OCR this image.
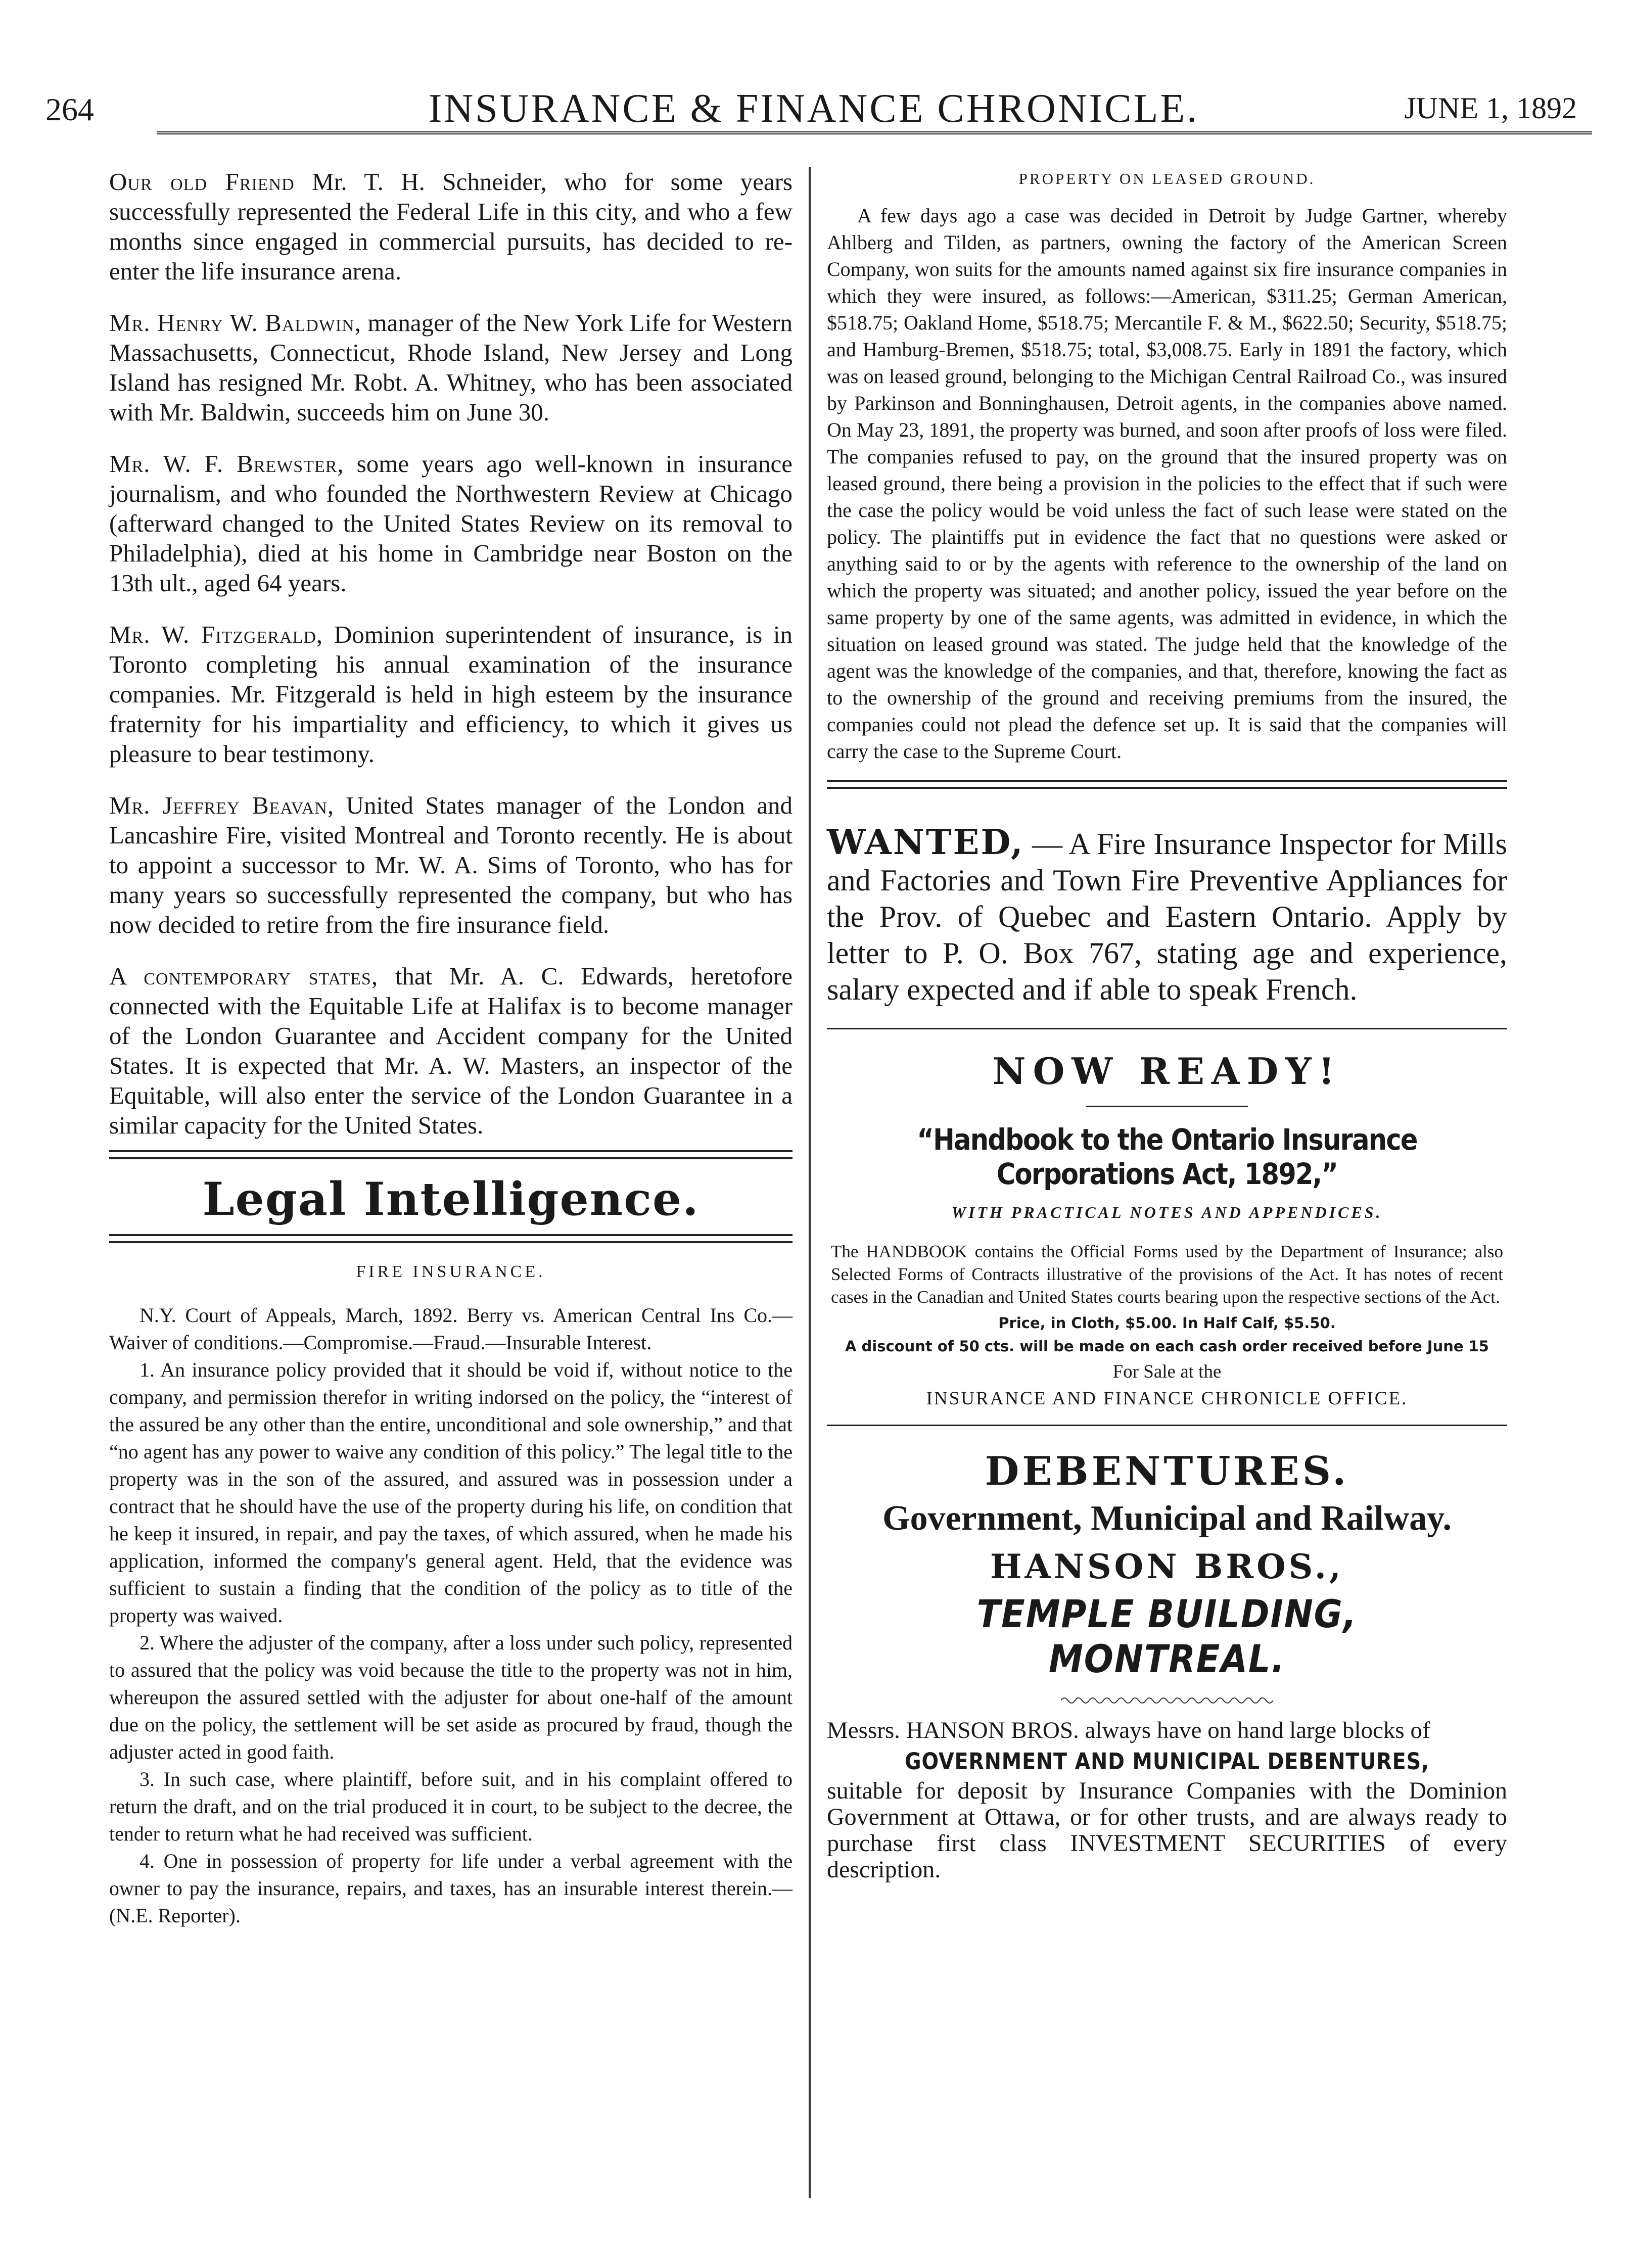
264	INSURANCE & FINANCE CHRONICLE.	JUNE 1, 1892

Our old Friend Mr. T. H. Schneider, who for some years successfully represented the Federal Life in this city, and who a few months since engaged in commercial pursuits, has decided to re-enter the life insurance arena.

Mr. Henry W. Baldwin, manager of the New York Life for Western Massachusetts, Connecticut, Rhode Island, New Jersey and Long Island has resigned Mr. Robt. A. Whitney, who has been associated with Mr. Baldwin, succeeds him on June 30.

Mr. W. F. Brewster, some years ago well-known in insurance journalism, and who founded the Northwestern Review at Chicago (afterward changed to the United States Review on its removal to Philadelphia), died at his home in Cambridge near Boston on the 13th ult., aged 64 years.

Mr. W. Fitzgerald, Dominion superintendent of insurance, is in Toronto completing his annual examination of the insurance companies. Mr. Fitzgerald is held in high esteem by the insurance fraternity for his impartiality and efficiency, to which it gives us pleasure to bear testimony.

Mr. Jeffrey Beavan, United States manager of the London and Lancashire Fire, visited Montreal and Toronto recently. He is about to appoint a successor to Mr. W. A. Sims of Toronto, who has for many years so successfully represented the company, but who has now decided to retire from the fire insurance field.

A contemporary states, that Mr. A. C. Edwards, heretofore connected with the Equitable Life at Halifax is to become manager of the London Guarantee and Accident company for the United States. It is expected that Mr. A. W. Masters, an inspector of the Equitable, will also enter the service of the London Guarantee in a similar capacity for the United States.

Legal Intelligence.
FIRE INSURANCE.

N.Y. Court of Appeals, March, 1892. Berry vs. American Central Ins Co.—Waiver of conditions.—Compromise.—Fraud.—Insurable Interest.

1. An insurance policy provided that it should be void if, without notice to the company, and permission therefor in writing indorsed on the policy, the “interest of the assured be any other than the entire, unconditional and sole ownership,” and that “no agent has any power to waive any condition of this policy.” The legal title to the property was in the son of the assured, and assured was in possession under a contract that he should have the use of the property during his life, on condition that he keep it insured, in repair, and pay the taxes, of which assured, when he made his application, informed the company's general agent. Held, that the evidence was sufficient to sustain a finding that the condition of the policy as to title of the property was waived.

2. Where the adjuster of the company, after a loss under such policy, represented to assured that the policy was void because the title to the property was not in him, whereupon the assured settled with the adjuster for about one-half of the amount due on the policy, the settlement will be set aside as procured by fraud, though the adjuster acted in good faith.

3. In such case, where plaintiff, before suit, and in his complaint offered to return the draft, and on the trial produced it in court, to be subject to the decree, the tender to return what he had received was sufficient.

4. One in possession of property for life under a verbal agreement with the owner to pay the insurance, repairs, and taxes, has an insurable interest therein.—(N.E. Reporter).

PROPERTY ON LEASED GROUND.

A few days ago a case was decided in Detroit by Judge Gartner, whereby Ahlberg and Tilden, as partners, owning the factory of the American Screen Company, won suits for the amounts named against six fire insurance companies in which they were insured, as follows:—American, $311.25; German American, $518.75; Oakland Home, $518.75; Mercantile F. & M., $622.50; Security, $518.75; and Hamburg-Bremen, $518.75; total, $3,008.75. Early in 1891 the factory, which was on leased ground, belonging to the Michigan Central Railroad Co., was insured by Parkinson and Bonninghausen, Detroit agents, in the companies above named. On May 23, 1891, the property was burned, and soon after proofs of loss were filed. The companies refused to pay, on the ground that the insured property was on leased ground, there being a provision in the policies to the effect that if such were the case the policy would be void unless the fact of such lease were stated on the policy. The plaintiffs put in evidence the fact that no questions were asked or anything said to or by the agents with reference to the ownership of the land on which the property was situated; and another policy, issued the year before on the same property by one of the same agents, was admitted in evidence, in which the situation on leased ground was stated. The judge held that the knowledge of the agent was the knowledge of the companies, and that, therefore, knowing the fact as to the ownership of the ground and receiving premiums from the insured, the companies could not plead the defence set up. It is said that the companies will carry the case to the Supreme Court.

WANTED, — A Fire Insurance Inspector for Mills and Factories and Town Fire Preventive Appliances for the Prov. of Quebec and Eastern Ontario. Apply by letter to P. O. Box 767, stating age and experience, salary expected and if able to speak French.

NOW READY!
“Handbook to the Ontario Insurance Corporations Act, 1892,”
WITH PRACTICAL NOTES AND APPENDICES.

The HANDBOOK contains the Official Forms used by the Department of Insurance; also Selected Forms of Contracts illustrative of the provisions of the Act. It has notes of recent cases in the Canadian and United States courts bearing upon the respective sections of the Act.

Price, in Cloth, $5.00. In Half Calf, $5.50.
A discount of 50 cts. will be made on each cash order received before June 15
For Sale at the
INSURANCE AND FINANCE CHRONICLE OFFICE.
DEBENTURES.
Government, Municipal and Railway.
HANSON BROS.,
TEMPLE BUILDING, MONTREAL.

Messrs. HANSON BROS. always have on hand large blocks of

GOVERNMENT AND MUNICIPAL DEBENTURES,

suitable for deposit by Insurance Companies with the Dominion Government at Ottawa, or for other trusts, and are always ready to purchase first class INVESTMENT SECURITIES of every description.
